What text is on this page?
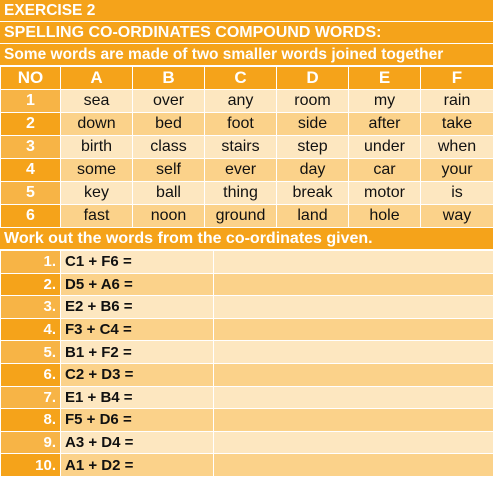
EXERCISE 2
SPELLING CO-ORDINATES COMPOUND WORDS:
Some words are made of two smaller words joined together
NO	A	B	C	D	E	F
1	sea	over	any	room	my	rain
2	down	bed	foot	side	after	take
3	birth	class	stairs	step	under	when
4	some	self	ever	day	car	your
5	key	ball	thing	break	motor	is
6	fast	noon	ground	land	hole	way
Work out the words from the co-ordinates given.
1.	C1 + F6 =	
2.	D5 + A6 =	
3.	E2 + B6 =	
4.	F3 + C4 =	
5.	B1 + F2 =	
6.	C2 + D3 =	
7.	E1 + B4 =	
8.	F5 + D6 =	
9.	A3 + D4 =	
10.	A1 + D2 =	
